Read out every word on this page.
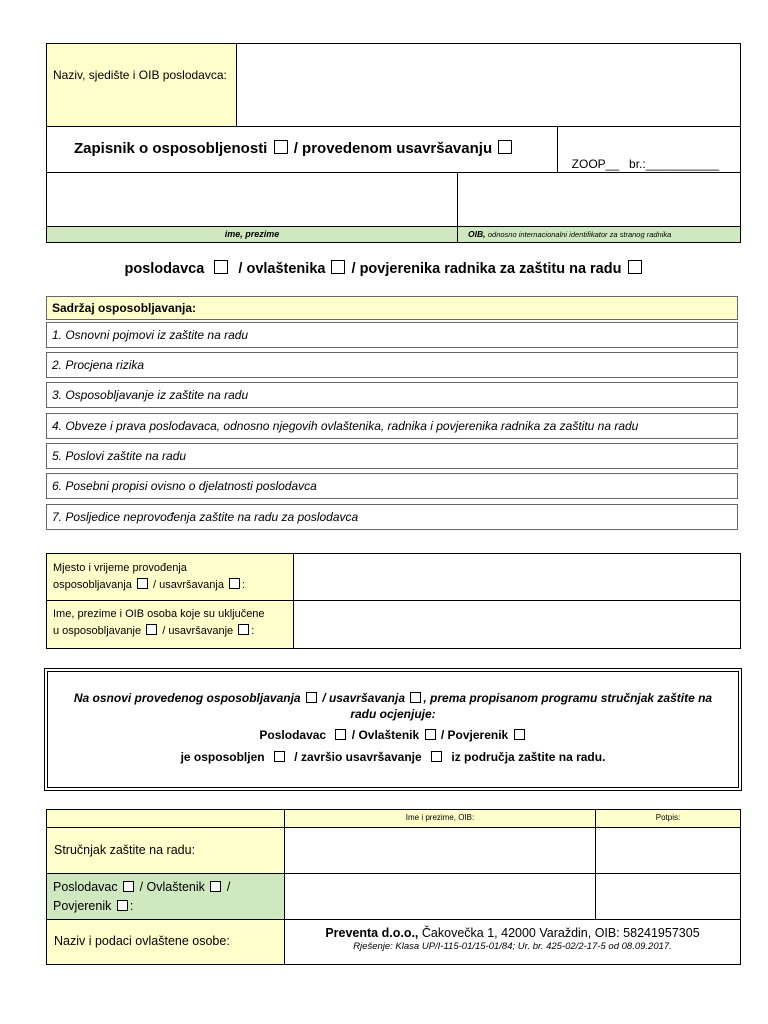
Naziv, sjedište i OIB poslodavca:
Zapisnik o osposobljenosti / provedenom usavršavanju

ZOOP__   br.:___________

ime, prezime	OIB, odnosno internacionalni identifikator za stranog radnika
poslodavca / ovlaštenika / povjerenika radnika za zaštitu na radu
Sadržaj osposobljavanja:
1. Osnovni pojmovi iz zaštite na radu
2. Procjena rizika
3. Osposobljavanje iz zaštite na radu
4. Obveze i prava poslodavaca, odnosno njegovih ovlaštenika, radnika i povjerenika radnika za zaštitu na radu
5. Poslovi zaštite na radu
6. Posebni propisi ovisno o djelatnosti poslodavca
7. Posljedice neprovođenja zaštite na radu za poslodavca
Mjesto i vrijeme provođenja
osposobljavanja / usavršavanja :
Ime, prezime i OIB osoba koje su uključene
u osposobljavanje / usavršavanje :
Na osnovi provedenog osposobljavanja / usavršavanja , prema propisanom programu stručnjak zaštite na
radu ocjenjuje:
Poslodavac / Ovlaštenik / Povjerenik
je osposobljen / završio usavršavanje iz područja zaštite na radu.
Ime i prezime, OIB:	Potpis:
Stručnjak zaštite na radu:
Poslodavac / Ovlaštenik /
Povjerenik :
Naziv i podaci ovlaštene osobe:
Preventa d.o.o., Čakovečka 1, 42000 Varaždin, OIB: 58241957305
Rješenje: Klasa UP/I-115-01/15-01/84; Ur. br. 425-02/2-17-5 od 08.09.2017.
